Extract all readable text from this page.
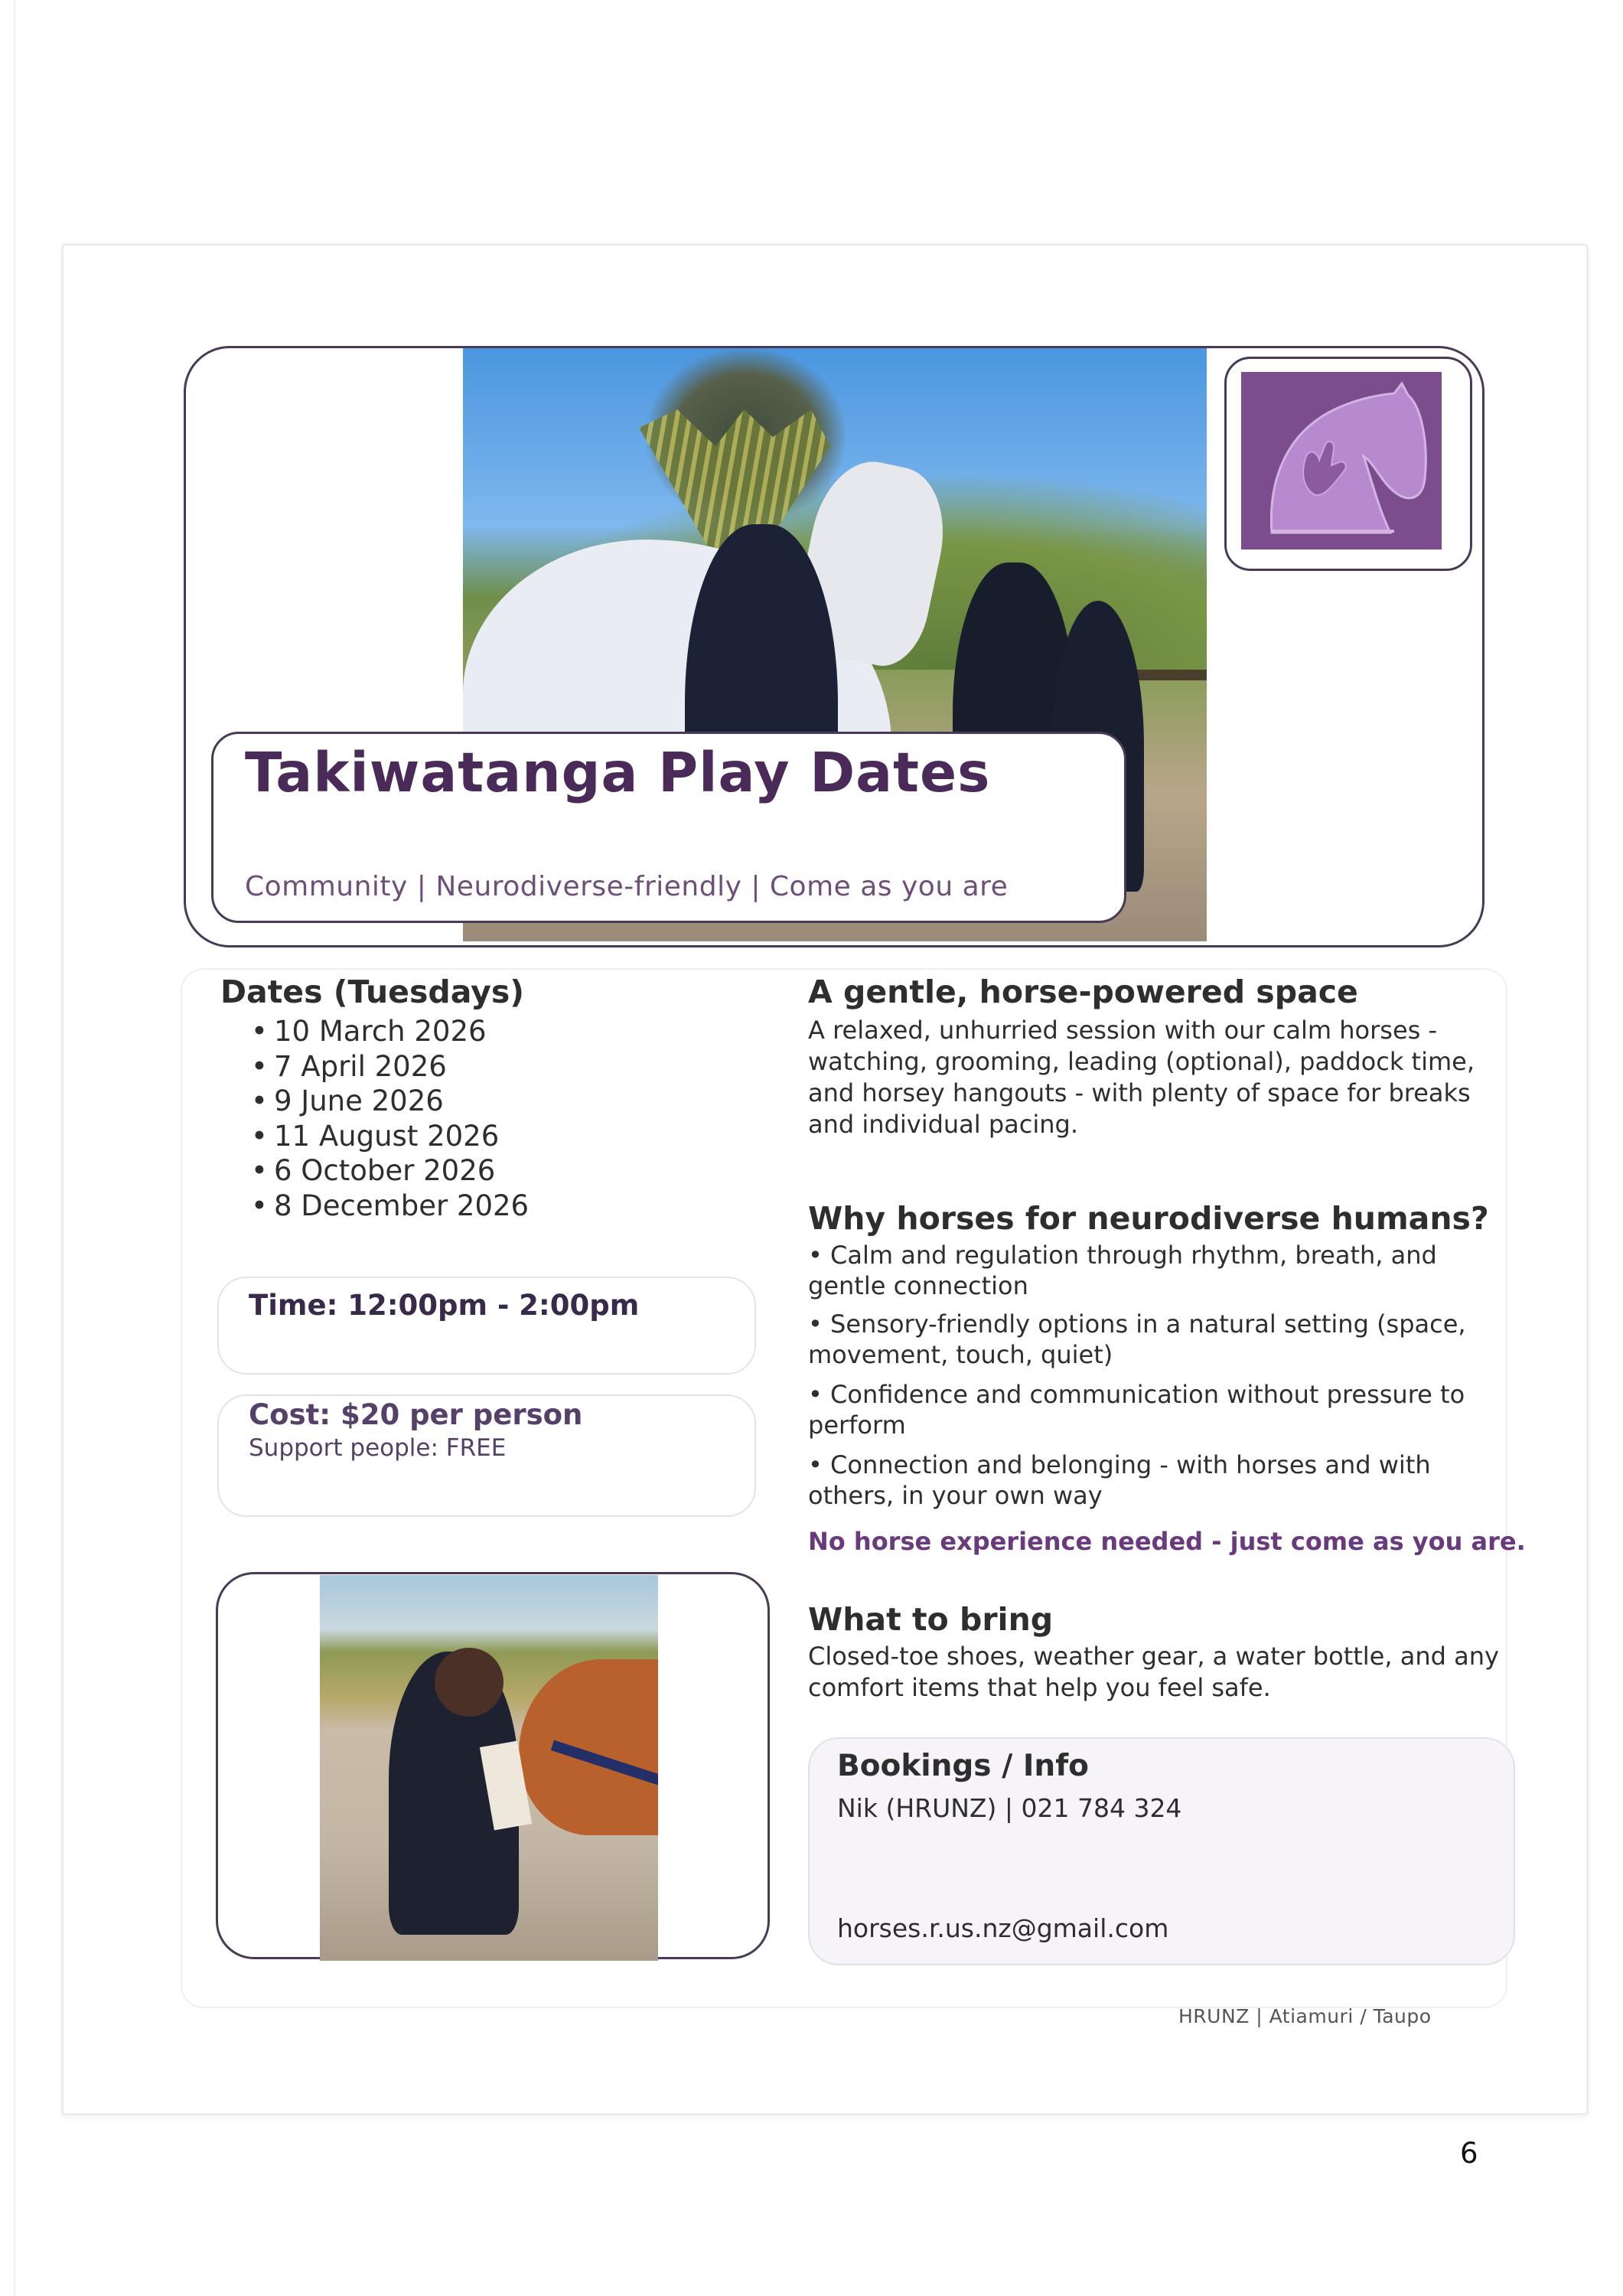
Takiwatanga Play Dates
Community | Neurodiverse-friendly | Come as you are
Dates (Tuesdays)
• 10 March 2026
• 7 April 2026
• 9 June 2026
• 11 August 2026
• 6 October 2026
• 8 December 2026
Time: 12:00pm - 2:00pm
Cost: $20 per person
Support people: FREE
A gentle, horse-powered space
A relaxed, unhurried session with our calm horses - watching, grooming, leading (optional), paddock time, and horsey hangouts - with plenty of space for breaks and individual pacing.
Why horses for neurodiverse humans?
• Calm and regulation through rhythm, breath, and gentle connection
• Sensory-friendly options in a natural setting (space, movement, touch, quiet)
• Confidence and communication without pressure to perform
• Connection and belonging - with horses and with others, in your own way
No horse experience needed - just come as you are.
What to bring
Closed-toe shoes, weather gear, a water bottle, and any comfort items that help you feel safe.
Bookings / Info
Nik (HRUNZ) | 021 784 324
horses.r.us.nz@gmail.com
HRUNZ | Atiamuri / Taupo
6
